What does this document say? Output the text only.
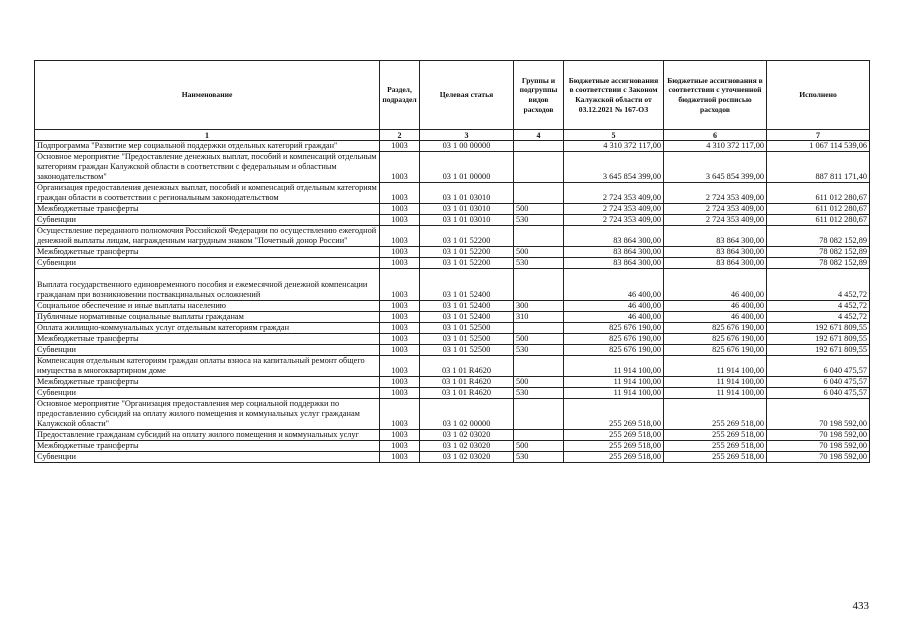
Наименование	Раздел, подраздел	Целевая статья	Группы и подгруппы видов расходов	Бюджетные ассигнования в соответствии с Законом Калужской области от 03.12.2021 № 167-ОЗ	Бюджетные ассигнования в соответствии с уточненной бюджетной росписью расходов	Исполнено
1	2	3	4	5	6	7
Подпрограмма "Развитие мер социальной поддержки отдельных категорий граждан"	1003	03 1 00 00000		4 310 372 117,00	4 310 372 117,00	1 067 114 539,06
Основное мероприятие "Предоставление денежных выплат, пособий и компенсаций отдельным категориям граждан Калужской области в соответствии с федеральным и областным законодательством"	1003	03 1 01 00000		3 645 854 399,00	3 645 854 399,00	887 811 171,40
Организация предоставления денежных выплат, пособий и компенсаций отдельным категориям граждан области в соответствии с региональным законодательством	1003	03 1 01 03010		2 724 353 409,00	2 724 353 409,00	611 012 280,67
Межбюджетные трансферты	1003	03 1 01 03010	500	2 724 353 409,00	2 724 353 409,00	611 012 280,67
Субвенции	1003	03 1 01 03010	530	2 724 353 409,00	2 724 353 409,00	611 012 280,67
Осуществление переданного полномочия Российской Федерации по осуществлению ежегодной денежной выплаты лицам, награжденным нагрудным знаком "Почетный донор России"	1003	03 1 01 52200		83 864 300,00	83 864 300,00	78 082 152,89
Межбюджетные трансферты	1003	03 1 01 52200	500	83 864 300,00	83 864 300,00	78 082 152,89
Субвенции	1003	03 1 01 52200	530	83 864 300,00	83 864 300,00	78 082 152,89
Выплата государственного единовременного пособия и ежемесячной денежной компенсации гражданам при возникновении поствакцинальных осложнений	1003	03 1 01 52400		46 400,00	46 400,00	4 452,72
Социальное обеспечение и иные выплаты населению	1003	03 1 01 52400	300	46 400,00	46 400,00	4 452,72
Публичные нормативные социальные выплаты гражданам	1003	03 1 01 52400	310	46 400,00	46 400,00	4 452,72
Оплата жилищно-коммунальных услуг отдельным категориям граждан	1003	03 1 01 52500		825 676 190,00	825 676 190,00	192 671 809,55
Межбюджетные трансферты	1003	03 1 01 52500	500	825 676 190,00	825 676 190,00	192 671 809,55
Субвенции	1003	03 1 01 52500	530	825 676 190,00	825 676 190,00	192 671 809,55
Компенсация отдельным категориям граждан оплаты взноса на капитальный ремонт общего имущества в многоквартирном доме	1003	03 1 01 R4620		11 914 100,00	11 914 100,00	6 040 475,57
Межбюджетные трансферты	1003	03 1 01 R4620	500	11 914 100,00	11 914 100,00	6 040 475,57
Субвенции	1003	03 1 01 R4620	530	11 914 100,00	11 914 100,00	6 040 475,57
Основное мероприятие "Организация предоставления мер социальной поддержки по предоставлению субсидий на оплату жилого помещения и коммунальных услуг гражданам Калужской области"	1003	03 1 02 00000		255 269 518,00	255 269 518,00	70 198 592,00
Предоставление гражданам субсидий на оплату жилого помещения и коммунальных услуг	1003	03 1 02 03020		255 269 518,00	255 269 518,00	70 198 592,00
Межбюджетные трансферты	1003	03 1 02 03020	500	255 269 518,00	255 269 518,00	70 198 592,00
Субвенции	1003	03 1 02 03020	530	255 269 518,00	255 269 518,00	70 198 592,00
433
